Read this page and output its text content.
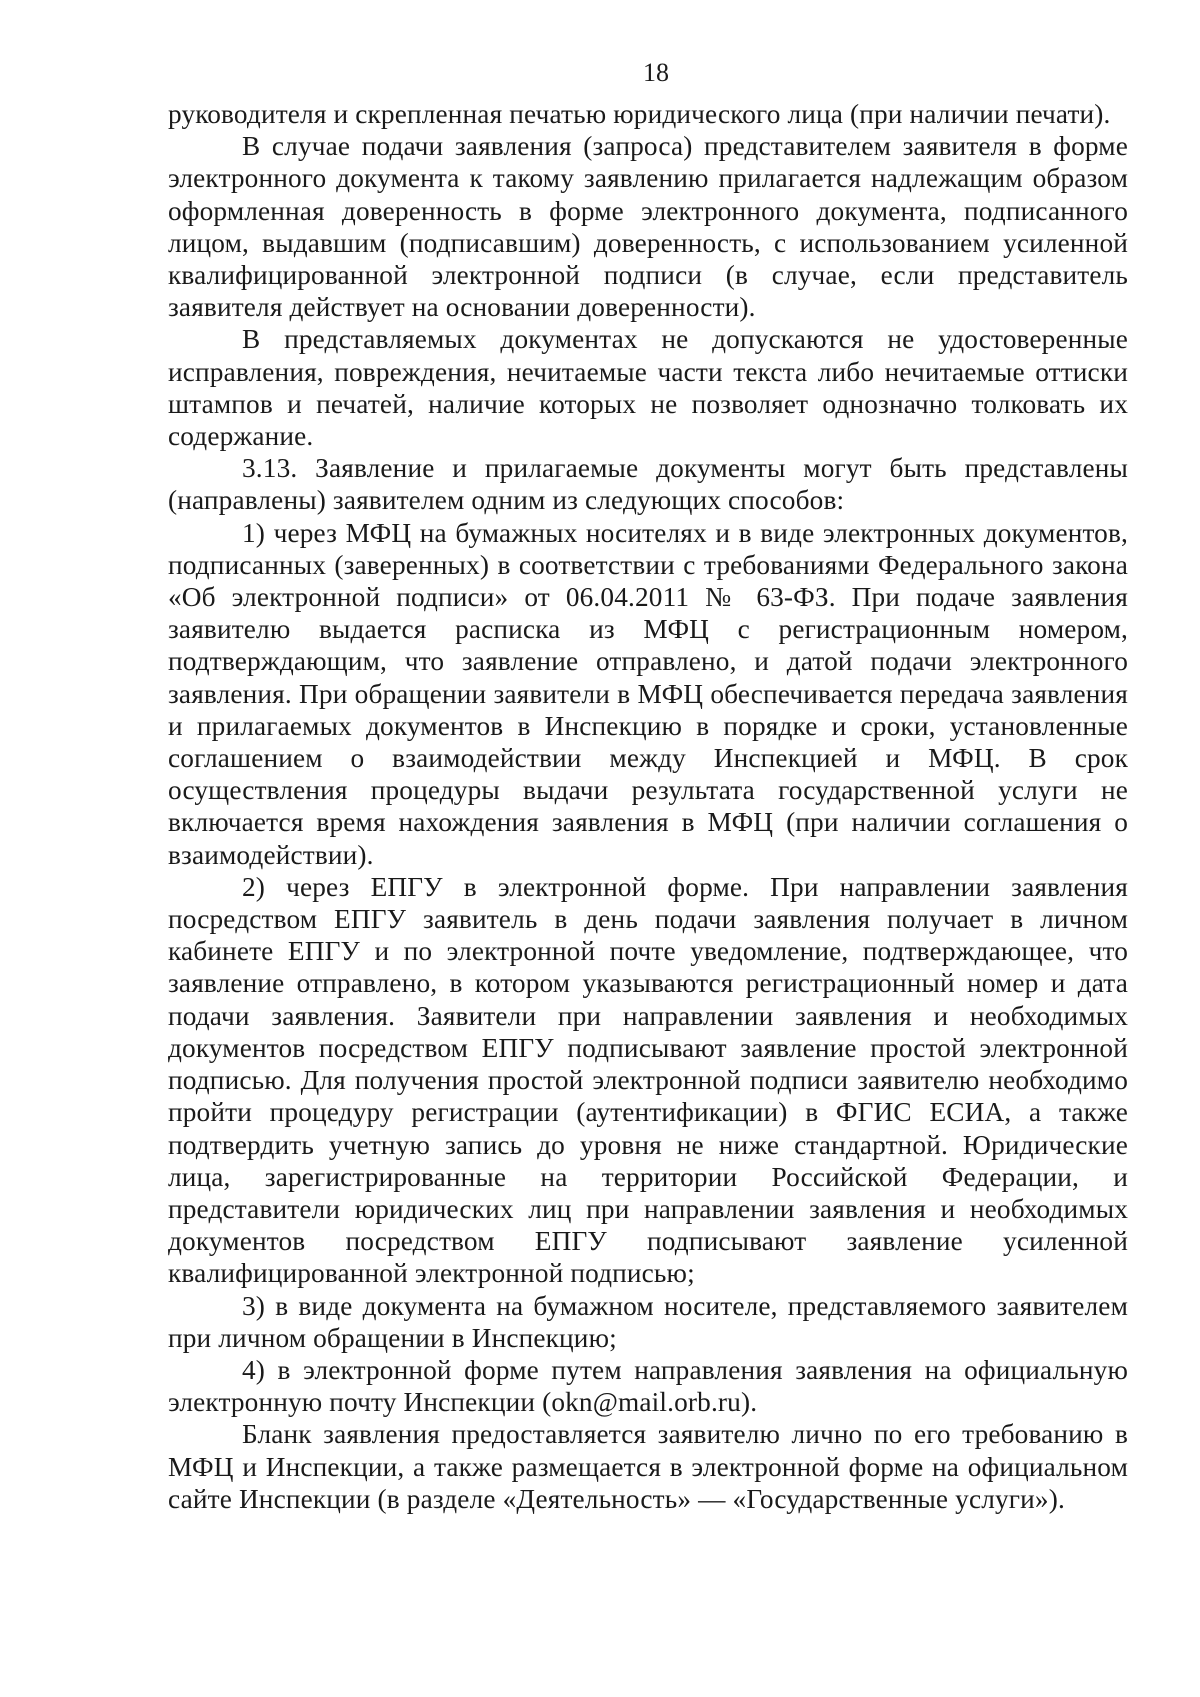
18

руководителя и скрепленная печатью юридического лица (при наличии печати).

В случае подачи заявления (запроса) представителем заявителя в форме электронного документа к такому заявлению прилагается надлежащим образом оформленная доверенность в форме электронного документа, подписанного лицом, выдавшим (подписавшим) доверенность, с использованием усиленной квалифицированной электронной подписи (в случае, если представитель заявителя действует на основании доверенности).

В представляемых документах не допускаются не удостоверенные исправления, повреждения, нечитаемые части текста либо нечитаемые оттиски штампов и печатей, наличие которых не позволяет однозначно толковать их содержание.

3.13. Заявление и прилагаемые документы могут быть представлены (направлены) заявителем одним из следующих способов:

1) через МФЦ на бумажных носителях и в виде электронных документов, подписанных (заверенных) в соответствии с требованиями Федерального закона «Об электронной подписи» от 06.04.2011 № 63-ФЗ. При подаче заявления заявителю выдается расписка из МФЦ с регистрационным номером, подтверждающим, что заявление отправлено, и датой подачи электронного заявления. При обращении заявители в МФЦ обеспечивается передача заявления и прилагаемых документов в Инспекцию в порядке и сроки, установленные соглашением о взаимодействии между Инспекцией и МФЦ. В срок осуществления процедуры выдачи результата государственной услуги не включается время нахождения заявления в МФЦ (при наличии соглашения о взаимодействии).

2) через ЕПГУ в электронной форме. При направлении заявления посредством ЕПГУ заявитель в день подачи заявления получает в личном кабинете ЕПГУ и по электронной почте уведомление, подтверждающее, что заявление отправлено, в котором указываются регистрационный номер и дата подачи заявления. Заявители при направлении заявления и необходимых документов посредством ЕПГУ подписывают заявление простой электронной подписью. Для получения простой электронной подписи заявителю необходимо пройти процедуру регистрации (аутентификации) в ФГИС ЕСИА, а также подтвердить учетную запись до уровня не ниже стандартной. Юридические лица, зарегистрированные на территории Российской Федерации, и представители юридических лиц при направлении заявления и необходимых документов посредством ЕПГУ подписывают заявление усиленной квалифицированной электронной подписью;

3) в виде документа на бумажном носителе, представляемого заявителем при личном обращении в Инспекцию;

4) в электронной форме путем направления заявления на официальную электронную почту Инспекции (okn@mail.orb.ru).

Бланк заявления предоставляется заявителю лично по его требованию в МФЦ и Инспекции, а также размещается в электронной форме на официальном сайте Инспекции (в разделе «Деятельность» — «Государственные услуги»).
